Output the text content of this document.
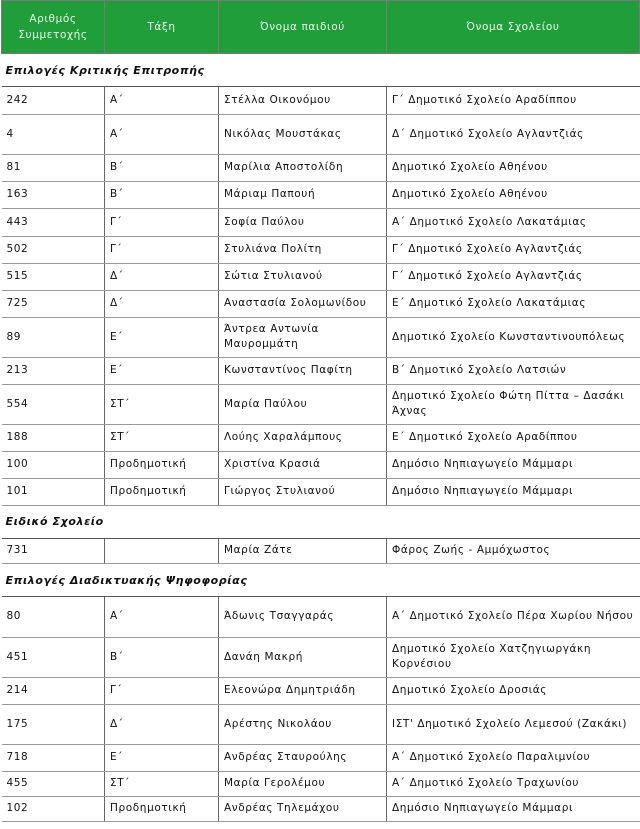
Αριθμός Συμμετοχής	Τάξη	Όνομα παιδιού	Όνομα Σχολείου

Επιλογές Κριτικής Επιτροπής			

242	Α΄	Στέλλα Οικονόμου	Γ΄ Δημοτικό Σχολείο Αραδίππου
4	Α΄	Νικόλας Μουστάκας	Δ΄ Δημοτικό Σχολείο Αγλαντζιάς
81	Β΄	Μαρίλια Αποστολίδη	Δημοτικό Σχολείο Αθηένου
163	Β΄	Μάριαμ Παπουή	Δημοτικό Σχολείο Αθηένου
443	Γ΄	Σοφία Παύλου	Α΄ Δημοτικό Σχολείο Λακατάμιας
502	Γ΄	Στυλιάνα Πολίτη	Γ΄ Δημοτικό Σχολείο Αγλαντζιάς
515	Δ΄	Σώτια Στυλιανού	Γ΄ Δημοτικό Σχολείο Αγλαντζιάς
725	Δ΄	Αναστασία Σολομωνίδου	Ε΄ Δημοτικό Σχολείο Λακατάμιας
89	Ε΄	Άντρεα Αντωνία Μαυρομμάτη	Δημοτικό Σχολείο Κωνσταντινουπόλεως
213	Ε΄	Κωνσταντίνος Παφίτη	Β΄ Δημοτικό Σχολείο Λατσιών
554	ΣΤ΄	Μαρία Παύλου	Δημοτικό Σχολείο Φώτη Πίττα – Δασάκι Άχνας
188	ΣΤ΄	Λούης Χαραλάμπους	Ε΄ Δημοτικό Σχολείο Αραδίππου
100	Προδημοτική	Χριστίνα Κρασιά	Δημόσιο Νηπιαγωγείο Μάμμαρι
101	Προδημοτική	Γιώργος Στυλιανού	Δημόσιο Νηπιαγωγείο Μάμμαρι

Ειδικό Σχολείο			

731		Μαρία Ζάτε	Φάρος Ζωής - Αμμόχωστος

Επιλογές Διαδικτυακής Ψηφοφορίας			

80	Α΄	Άδωνις Τσαγγαράς	Α΄ Δημοτικό Σχολείο Πέρα Χωρίου Νήσου
451	Β΄	Δανάη Μακρή	Δημοτικό Σχολείο Χατζηγιωργάκη Κορνέσιου
214	Γ΄	Ελεονώρα Δημητριάδη	Δημοτικό Σχολείο Δροσιάς
175	Δ΄	Αρέστης Νικολάου	ΙΣΤ' Δημοτικό Σχολείο Λεμεσού (Ζακάκι)
718	Ε΄	Ανδρέας Σταυρούλης	Α΄ Δημοτικό Σχολείο Παραλιμνίου
455	ΣΤ΄	Μαρία Γερολέμου	Α΄ Δημοτικό Σχολείο Τραχωνίου
102	Προδημοτική	Ανδρέας Τηλεμάχου	Δημόσιο Νηπιαγωγείο Μάμμαρι
